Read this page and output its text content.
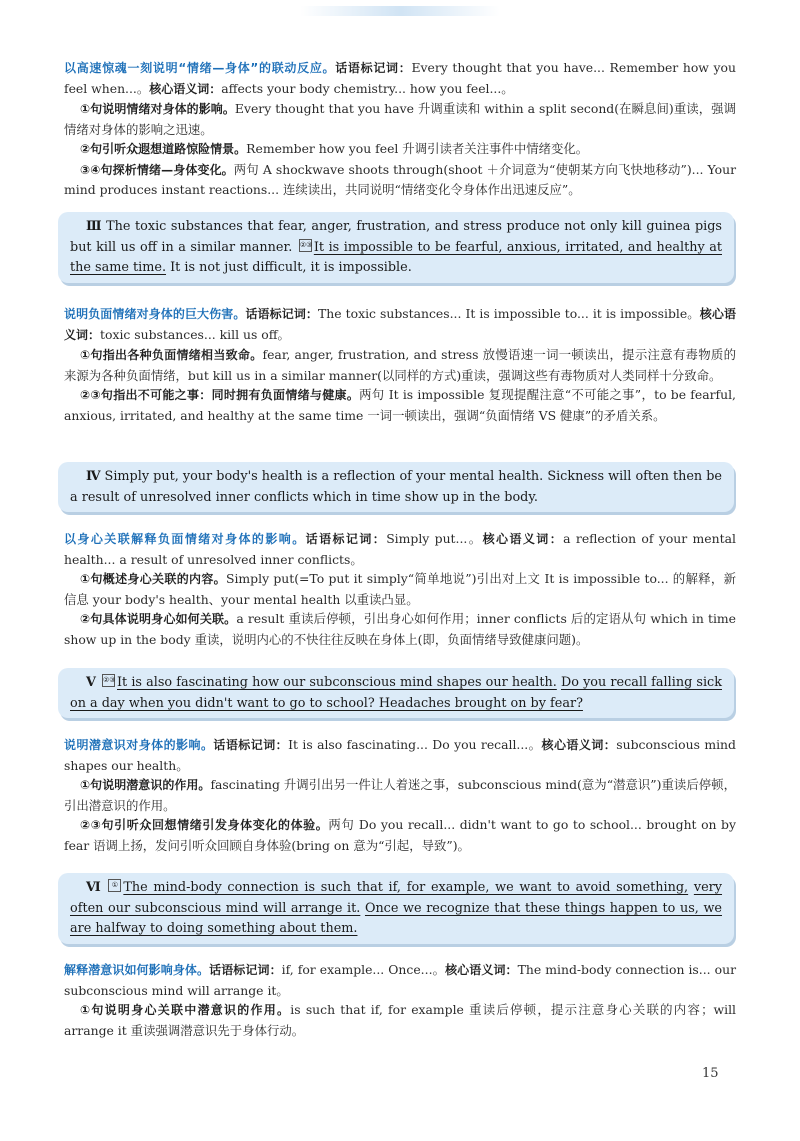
以高速惊魂一刻说明“情绪—身体”的联动反应。话语标记词：Every thought that you have... Remember how you feel when...。核心语义词：affects your body chemistry... how you feel...。

①句说明情绪对身体的影响。Every thought that you have 升调重读和 within a split second(在瞬息间)重读，强调情绪对身体的影响之迅速。

②句引听众遐想道路惊险情景。Remember how you feel 升调引读者关注事件中情绪变化。

③④句探析情绪—身体变化。两句 A shockwave shoots through(shoot ＋介词意为“使朝某方向飞快地移动”)... Your mind produces instant reactions... 连续读出，共同说明“情绪变化令身体作出迅速反应”。

Ⅲ The toxic substances that fear, anger, frustration, and stress produce not only kill guinea pigs but kill us off in a similar manner. ②③It is impossible to be fearful, anxious, irritated, and healthy at the same time. It is not just difficult, it is impossible.

说明负面情绪对身体的巨大伤害。话语标记词：The toxic substances... It is impossible to... it is impossible。核心语义词：toxic substances... kill us off。

①句指出各种负面情绪相当致命。fear, anger, frustration, and stress 放慢语速一词一顿读出，提示注意有毒物质的来源为各种负面情绪，but kill us in a similar manner(以同样的方式)重读，强调这些有毒物质对人类同样十分致命。

②③句指出不可能之事：同时拥有负面情绪与健康。两句 It is impossible 复现提醒注意“不可能之事”，to be fearful, anxious, irritated, and healthy at the same time 一词一顿读出，强调“负面情绪 VS 健康”的矛盾关系。

Ⅳ Simply put, your body's health is a reflection of your mental health. Sickness will often then be a result of unresolved inner conflicts which in time show up in the body.

以身心关联解释负面情绪对身体的影响。话语标记词：Simply put...。核心语义词：a reflection of your mental health... a result of unresolved inner conflicts。

①句概述身心关联的内容。Simply put(=To put it simply“简单地说”)引出对上文 It is impossible to... 的解释，新信息 your body's health、your mental health 以重读凸显。

②句具体说明身心如何关联。a result 重读后停顿，引出身心如何作用；inner conflicts 后的定语从句 which in time show up in the body 重读，说明内心的不快往往反映在身体上(即，负面情绪导致健康问题)。

Ⅴ ②③It is also fascinating how our subconscious mind shapes our health. Do you recall falling sick on a day when you didn't want to go to school? Headaches brought on by fear?

说明潜意识对身体的影响。话语标记词：It is also fascinating... Do you recall...。核心语义词：subconscious mind shapes our health。

①句说明潜意识的作用。fascinating 升调引出另一件让人着迷之事，subconscious mind(意为“潜意识”)重读后停顿，引出潜意识的作用。

②③句引听众回想情绪引发身体变化的体验。两句 Do you recall... didn't want to go to school... brought on by fear 语调上扬，发问引听众回顾自身体验(bring on 意为“引起，导致”)。

Ⅵ ① The mind-body connection is such that if, for example, we want to avoid something, very often our subconscious mind will arrange it. Once we recognize that these things happen to us, we are halfway to doing something about them.

解释潜意识如何影响身体。话语标记词：if, for example... Once...。核心语义词：The mind-body connection is... our subconscious mind will arrange it。

①句说明身心关联中潜意识的作用。is such that if, for example 重读后停顿，提示注意身心关联的内容；will arrange it 重读强调潜意识先于身体行动。

15
